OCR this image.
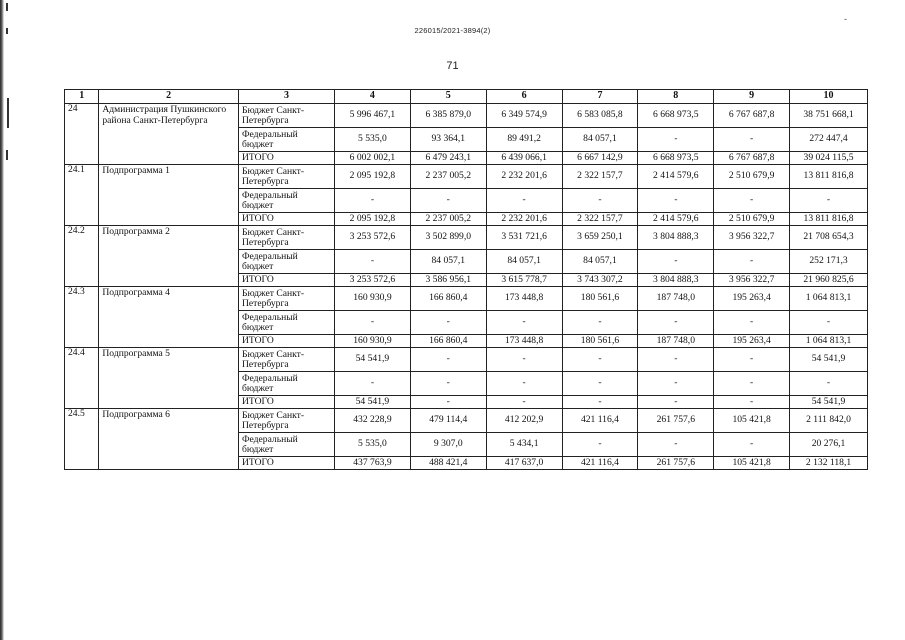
-
226015/2021-3894(2)
71
1	2	3	4	5	6	7	8	9	10
24	Администрация Пушкинского района Санкт-Петербурга	Бюджет Санкт-Петербурга	5 996 467,1	6 385 879,0	6 349 574,9	6 583 085,8	6 668 973,5	6 767 687,8	38 751 668,1
		Федеральный бюджет	5 535,0	93 364,1	89 491,2	84 057,1	-	-	272 447,4
		ИТОГО	6 002 002,1	6 479 243,1	6 439 066,1	6 667 142,9	6 668 973,5	6 767 687,8	39 024 115,5
24.1	Подпрограмма 1	Бюджет Санкт-Петербурга	2 095 192,8	2 237 005,2	2 232 201,6	2 322 157,7	2 414 579,6	2 510 679,9	13 811 816,8
		Федеральный бюджет	-	-	-	-	-	-	-
		ИТОГО	2 095 192,8	2 237 005,2	2 232 201,6	2 322 157,7	2 414 579,6	2 510 679,9	13 811 816,8
24.2	Подпрограмма 2	Бюджет Санкт-Петербурга	3 253 572,6	3 502 899,0	3 531 721,6	3 659 250,1	3 804 888,3	3 956 322,7	21 708 654,3
		Федеральный бюджет	-	84 057,1	84 057,1	84 057,1	-	-	252 171,3
		ИТОГО	3 253 572,6	3 586 956,1	3 615 778,7	3 743 307,2	3 804 888,3	3 956 322,7	21 960 825,6
24.3	Подпрограмма 4	Бюджет Санкт-Петербурга	160 930,9	166 860,4	173 448,8	180 561,6	187 748,0	195 263,4	1 064 813,1
		Федеральный бюджет	-	-	-	-	-	-	-
		ИТОГО	160 930,9	166 860,4	173 448,8	180 561,6	187 748,0	195 263,4	1 064 813,1
24.4	Подпрограмма 5	Бюджет Санкт-Петербурга	54 541,9	-	-	-	-	-	54 541,9
		Федеральный бюджет	-	-	-	-	-	-	-
		ИТОГО	54 541,9	-	-	-	-	-	54 541,9
24.5	Подпрограмма 6	Бюджет Санкт-Петербурга	432 228,9	479 114,4	412 202,9	421 116,4	261 757,6	105 421,8	2 111 842,0
		Федеральный бюджет	5 535,0	9 307,0	5 434,1	-	-	-	20 276,1
		ИТОГО	437 763,9	488 421,4	417 637,0	421 116,4	261 757,6	105 421,8	2 132 118,1
